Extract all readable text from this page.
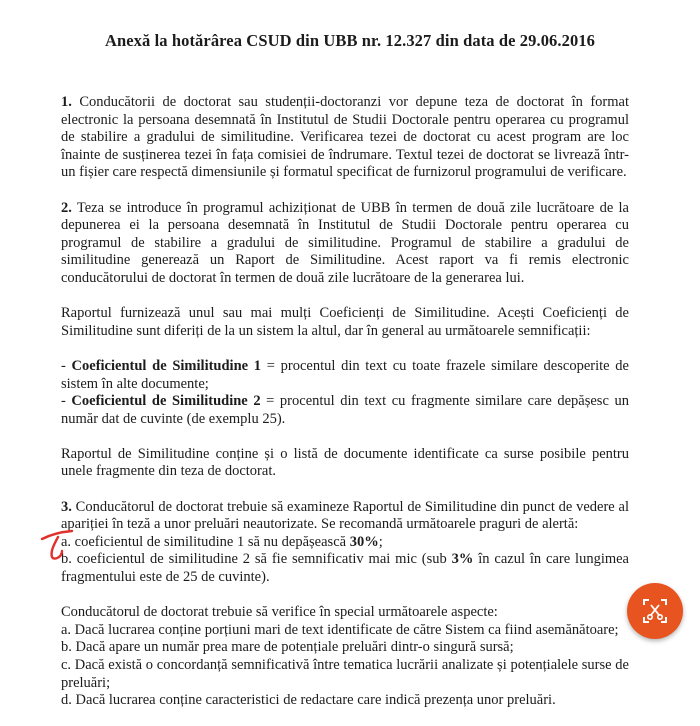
Anexă la hotărârea CSUD din UBB nr. 12.327 din data de 29.06.2016

1. Conducătorii de doctorat sau studenții-doctoranzi vor depune teza de doctorat în format electronic la persoana desemnată în Institutul de Studii Doctorale pentru operarea cu programul de stabilire a gradului de similitudine. Verificarea tezei de doctorat cu acest program are loc înainte de susținerea tezei în fața comisiei de îndrumare. Textul tezei de doctorat se livrează într-un fișier care respectă dimensiunile și formatul specificat de furnizorul programului de verificare.

2. Teza se introduce în programul achiziționat de UBB în termen de două zile lucrătoare de la depunerea ei la persoana desemnată în Institutul de Studii Doctorale pentru operarea cu programul de stabilire a gradului de similitudine. Programul de stabilire a gradului de similitudine generează un Raport de Similitudine. Acest raport va fi remis electronic conducătorului de doctorat în termen de două zile lucrătoare de la generarea lui.

Raportul furnizează unul sau mai mulți Coeficienți de Similitudine. Acești Coeficienți de Similitudine sunt diferiți de la un sistem la altul, dar în general au următoarele semnificații:

- Coeficientul de Similitudine 1 = procentul din text cu toate frazele similare descoperite de sistem în alte documente;

- Coeficientul de Similitudine 2 = procentul din text cu fragmente similare care depășesc un număr dat de cuvinte (de exemplu 25).

Raportul de Similitudine conține și o listă de documente identificate ca surse posibile pentru unele fragmente din teza de doctorat.

3. Conducătorul de doctorat trebuie să examineze Raportul de Similitudine din punct de vedere al apariției în teză a unor preluări neautorizate. Se recomandă următoarele praguri de alertă:

a. coeficientul de similitudine 1 să nu depășească 30%;

b. coeficientul de similitudine 2 să fie semnificativ mai mic (sub 3% în cazul în care lungimea fragmentului este de 25 de cuvinte).

Conducătorul de doctorat trebuie să verifice în special următoarele aspecte:

a. Dacă lucrarea conține porțiuni mari de text identificate de către Sistem ca fiind asemănătoare;

b. Dacă apare un număr prea mare de potențiale preluări dintr-o singură sursă;

c. Dacă există o concordanță semnificativă între tematica lucrării analizate și potențialele surse de preluări;

d. Dacă lucrarea conține caracteristici de redactare care indică prezența unor preluări.
